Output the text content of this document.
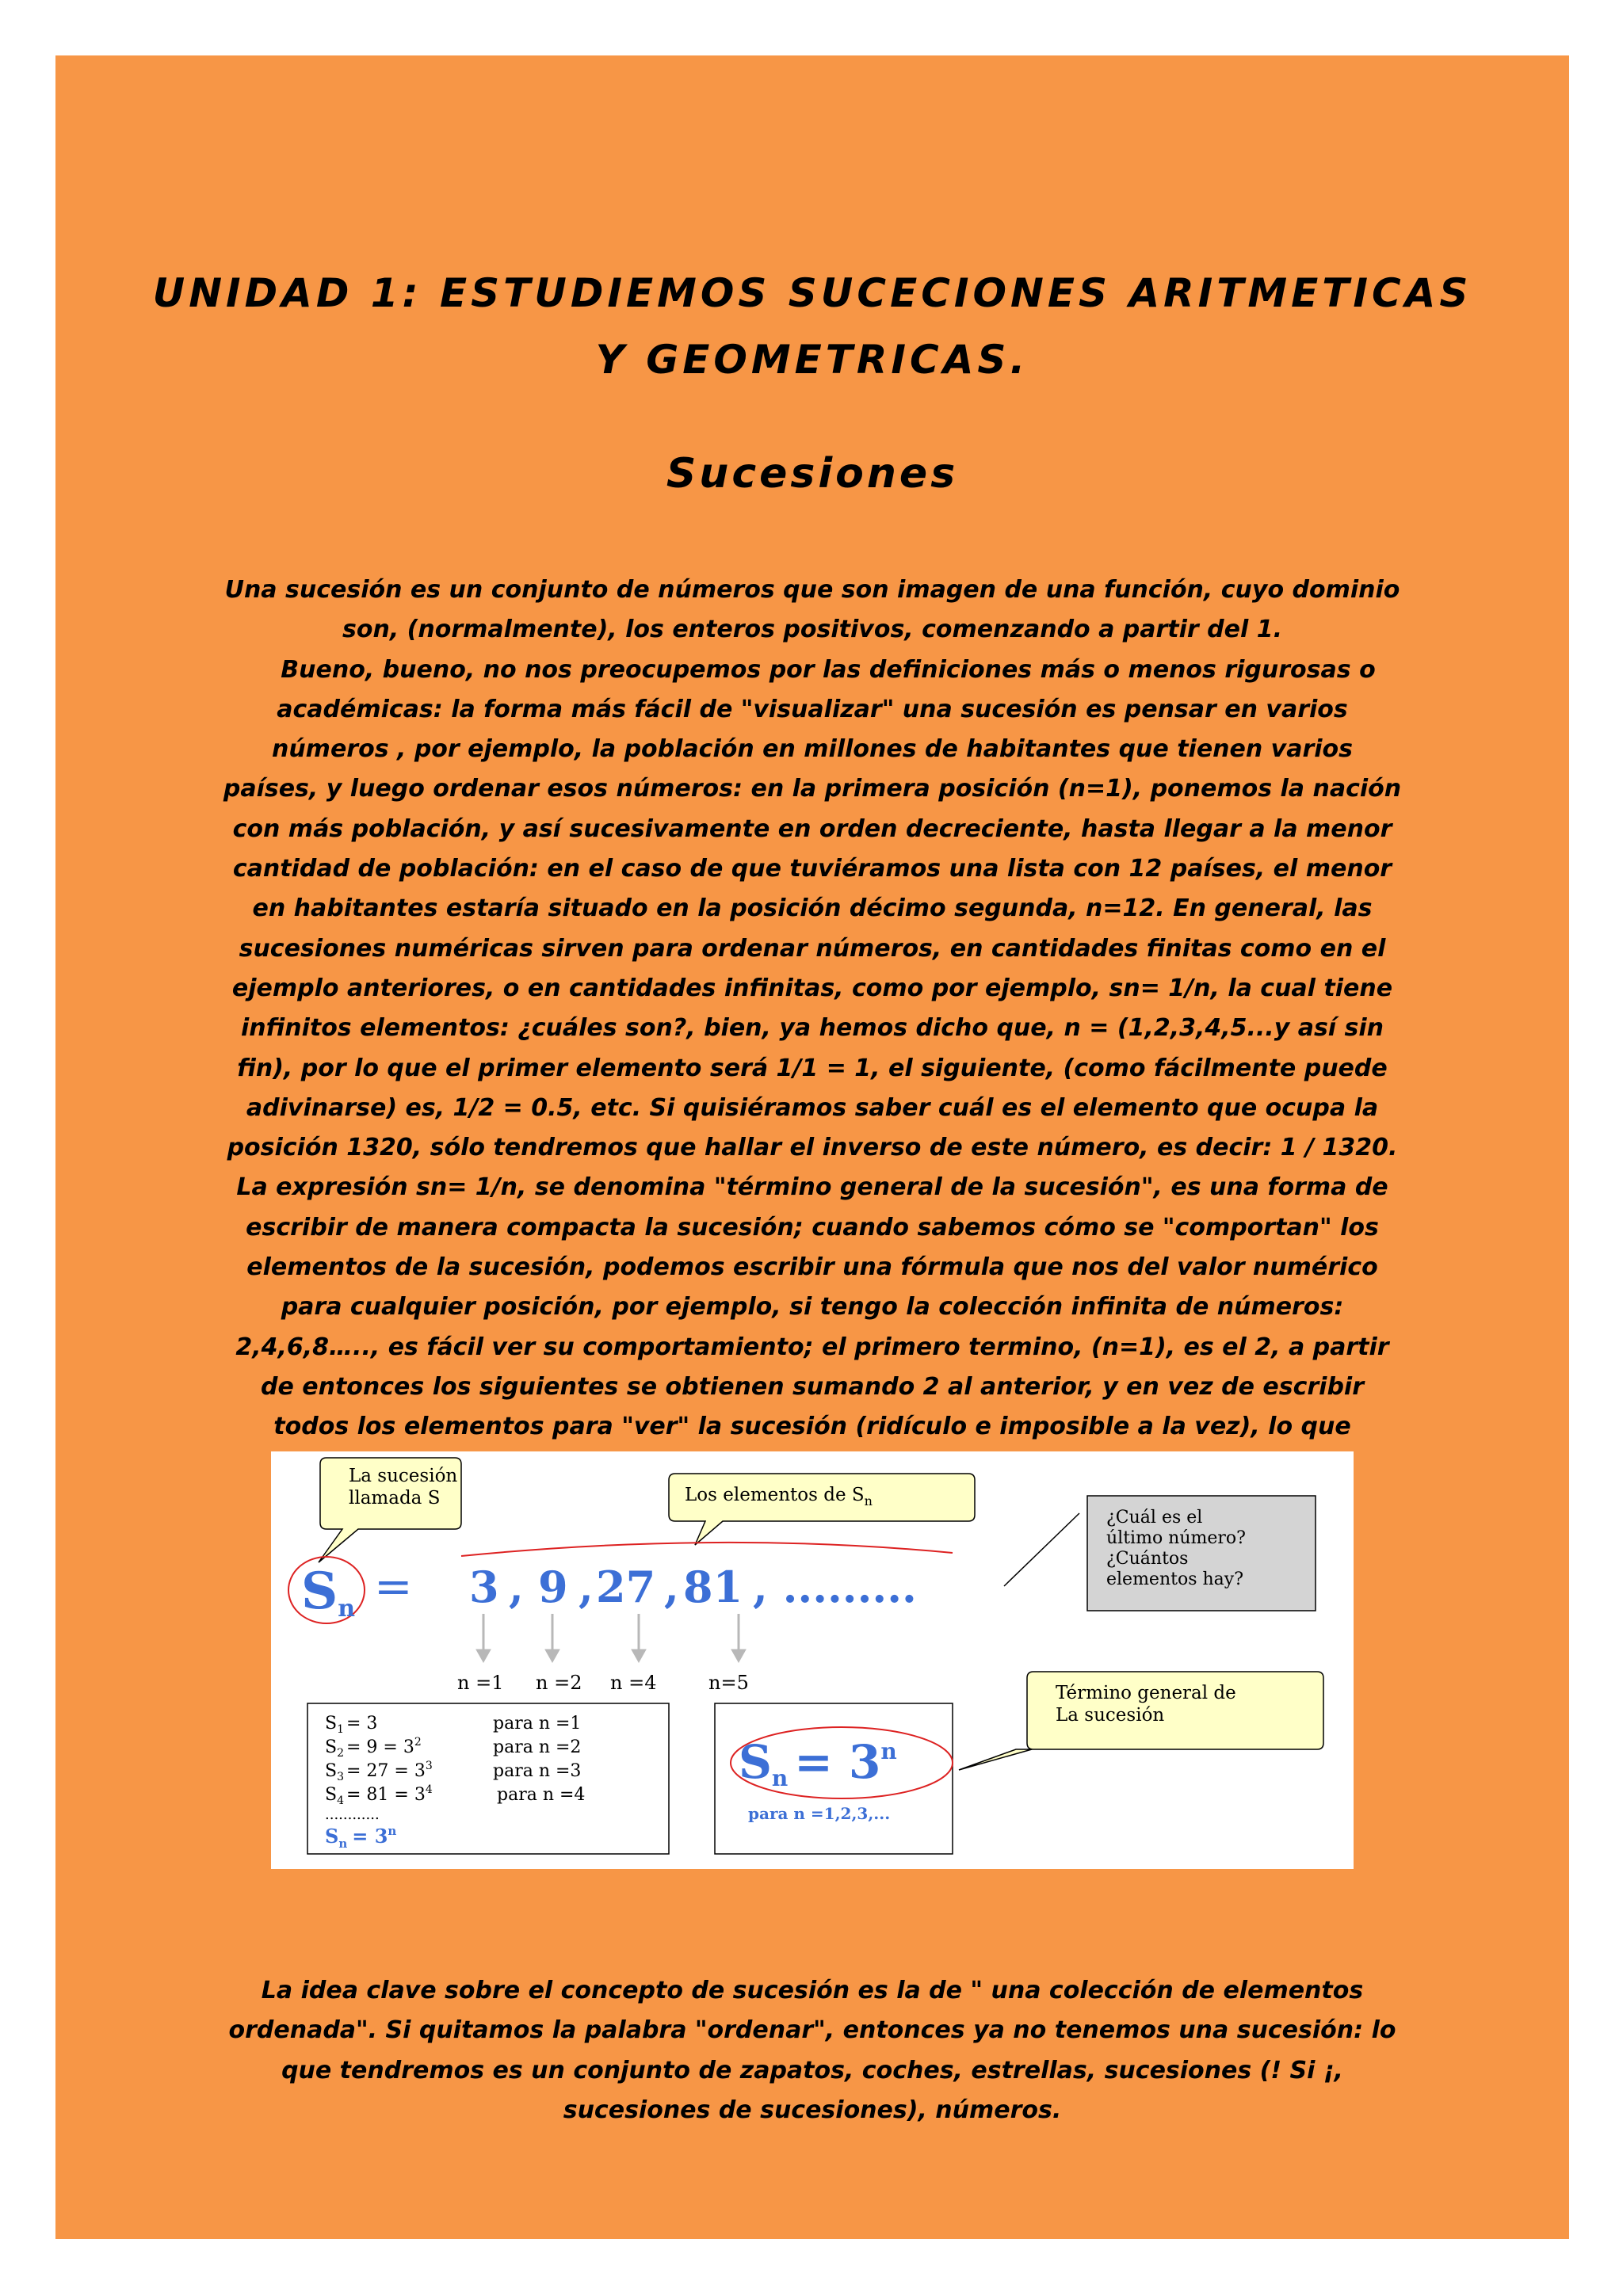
UNIDAD 1: ESTUDIEMOS SUCECIONES ARITMETICAS
Y GEOMETRICAS.
Sucesiones
Una sucesión es un conjunto de números que son imagen de una función, cuyo dominio son, (normalmente), los enteros positivos, comenzando a partir del 1.
Bueno, bueno, no nos preocupemos por las definiciones más o menos rigurosas o académicas: la forma más fácil de "visualizar" una sucesión es pensar en varios números , por ejemplo, la población en millones de habitantes que tienen varios países, y luego ordenar esos números: en la primera posición (n=1), ponemos la nación con más población, y así sucesivamente en orden decreciente, hasta llegar a la menor cantidad de población: en el caso de que tuviéramos una lista con 12 países, el menor en habitantes estaría situado en la posición décimo segunda, n=12. En general, las sucesiones numéricas sirven para ordenar números, en cantidades finitas como en el ejemplo anteriores, o en cantidades infinitas, como por ejemplo, sn= 1/n, la cual tiene infinitos elementos: ¿cuáles son?, bien, ya hemos dicho que, n = (1,2,3,4,5...y así sin fin), por lo que el primer elemento será 1/1 = 1, el siguiente, (como fácilmente puede adivinarse) es, 1/2 = 0.5, etc. Si quisiéramos saber cuál es el elemento que ocupa la posición 1320, sólo tendremos que hallar el inverso de este número, es decir: 1 / 1320. La expresión sn= 1/n, se denomina "término general de la sucesión", es una forma de escribir de manera compacta la sucesión; cuando sabemos cómo se "comportan" los elementos de la sucesión, podemos escribir una fórmula que nos del valor numérico para cualquier posición, por ejemplo, si tengo la colección infinita de números: 2,4,6,8….., es fácil ver su comportamiento; el primero termino, (n=1), es el 2, a partir de entonces los siguientes se obtienen sumando 2 al anterior, y en vez de escribir todos los elementos para "ver" la sucesión (ridículo e imposible a la vez), lo que
La sucesión
llamada S	Los elementos de $S_n$
¿Cuál es el
último número?
¿Cuántos
elementos hay?
Sn = 3 , 9 , 27 , 81 , .........
n =1 n =2 n =4	n=5
$S_1 = 3$	para n =1
$S_2 = 9 = 3^2$	para n =2
$S_3 = 27 = 3^3$	para n =3
$S_4 = 81 = 3^4$	para n =4
............
$S_n = 3^n$
$Sn = 3^n$
para n =1,2,3,...
Término general de
La sucesión
La idea clave sobre el concepto de sucesión es la de " una colección de elementos ordenada". Si quitamos la palabra "ordenar", entonces ya no tenemos una sucesión: lo que tendremos es un conjunto de zapatos, coches, estrellas, sucesiones (! Si ¡, sucesiones de sucesiones), números.
